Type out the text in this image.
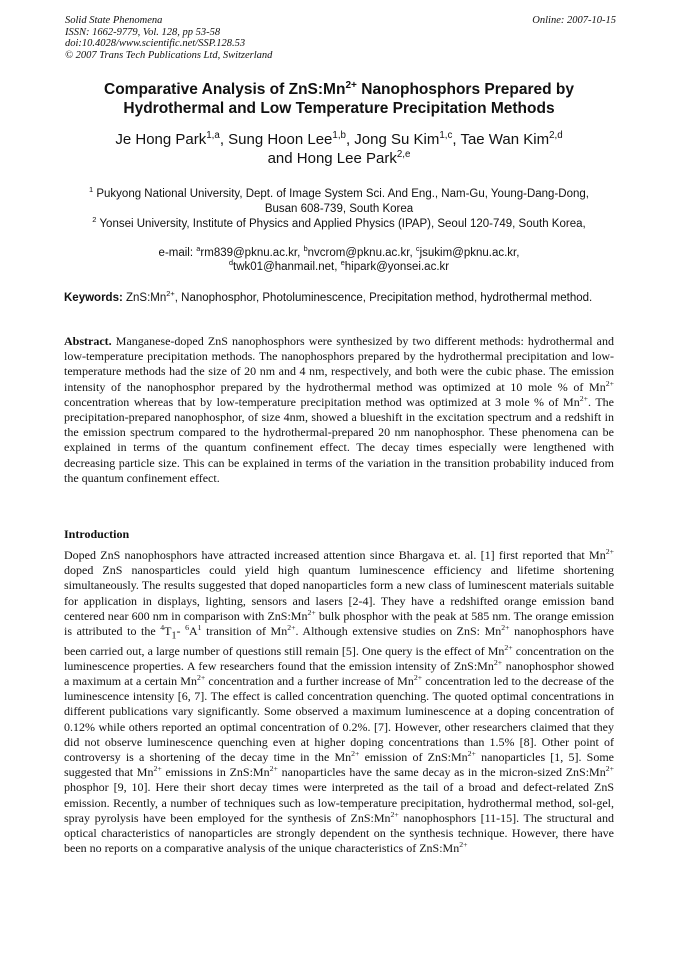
Solid State Phenomena
ISSN: 1662-9779, Vol. 128, pp 53-58
doi:10.4028/www.scientific.net/SSP.128.53
© 2007 Trans Tech Publications Ltd, Switzerland
Online: 2007-10-15
Comparative Analysis of $ZnS:Mn^{2+}$ Nanophosphors Prepared by
Hydrothermal and Low Temperature Precipitation Methods
Je Hong Park$^{1,a}$, Sung Hoon Lee$^{1,b}$, Jong Su Kim$^{1,c}$, Tae Wan Kim$^{2,d}$
and Hong Lee Park$^{2,e}$
$^1$ Pukyong National University, Dept. of Image System Sci. And Eng., Nam-Gu, Young-Dang-Dong,
Busan 608-739, South Korea
$^2$ Yonsei University, Institute of Physics and Applied Physics (IPAP), Seoul 120-749, South Korea,
e-mail: $^a$rm839@pknu.ac.kr, $^b$nvcrom@pknu.ac.kr, $^c$jsukim@pknu.ac.kr,
$^d$twk01@hanmail.net, $^e$hipark@yonsei.ac.kr
Keywords: $ZnS:Mn^{2+}$, Nanophosphor, Photoluminescence, Precipitation method, hydrothermal method.
Abstract. Manganese-doped ZnS nanophosphors were synthesized by two different methods: hydrothermal and low-temperature precipitation methods. The nanophosphors prepared by the hydrothermal precipitation and low-temperature methods had the size of 20 nm and 4 nm, respectively, and both were the cubic phase. The emission intensity of the nanophosphor prepared by the hydrothermal method was optimized at 10 mole % of $Mn^{2+}$ concentration whereas that by low-temperature precipitation method was optimized at 3 mole % of $Mn^{2+}$. The precipitation-prepared nanophosphor, of size 4nm, showed a blueshift in the excitation spectrum and a redshift in the emission spectrum compared to the hydrothermal-prepared 20 nm nanophosphor. These phenomena can be explained in terms of the quantum confinement effect. The decay times especially were lengthened with decreasing particle size. This can be explained in terms of the variation in the transition probability induced from the quantum confinement effect.
Introduction
Doped ZnS nanophosphors have attracted increased attention since Bhargava et. al. [1] first reported that $Mn^{2+}$ doped ZnS nanosparticles could yield high quantum luminescence efficiency and lifetime shortening simultaneously. The results suggested that doped nanoparticles form a new class of luminescent materials suitable for application in displays, lighting, sensors and lasers [2-4]. They have a redshifted orange emission band centered near 600 nm in comparison with $ZnS:Mn^{2+}$ bulk phosphor with the peak at 585 nm. The orange emission is attributed to the $^4T_1-$ $^6A^1$ transition of $Mn^{2+}$. Although extensive studies on ZnS: $Mn^{2+}$ nanophosphors have been carried out, a large number of questions still remain [5]. One query is the effect of $Mn^{2+}$ concentration on the luminescence properties. A few researchers found that the emission intensity of $ZnS:Mn^{2+}$ nanophosphor showed a maximum at a certain $Mn^{2+}$ concentration and a further increase of $Mn^{2+}$ concentration led to the decrease of the luminescence intensity [6, 7]. The effect is called concentration quenching. The quoted optimal concentrations in different publications vary significantly. Some observed a maximum luminescence at a doping concentration of 0.12% while others reported an optimal concentration of 0.2%. [7]. However, other researchers claimed that they did not observe luminescence quenching even at higher doping concentrations than 1.5% [8]. Other point of controversy is a shortening of the decay time in the $Mn^{2+}$ emission of $ZnS:Mn^{2+}$ nanoparticles [1, 5]. Some suggested that $Mn^{2+}$ emissions in $ZnS:Mn^{2+}$ nanoparticles have the same decay as in the micron-sized $ZnS:Mn^{2+}$ phosphor [9, 10]. Here their short decay times were interpreted as the tail of a broad and defect-related ZnS emission. Recently, a number of techniques such as low-temperature precipitation, hydrothermal method, sol-gel, spray pyrolysis have been employed for the synthesis of $ZnS:Mn^{2+}$ nanophosphors [11-15]. The structural and optical characteristics of nanoparticles are strongly dependent on the synthesis technique. However, there have been no reports on a comparative analysis of the unique characteristics of $ZnS:Mn^{2+}$
